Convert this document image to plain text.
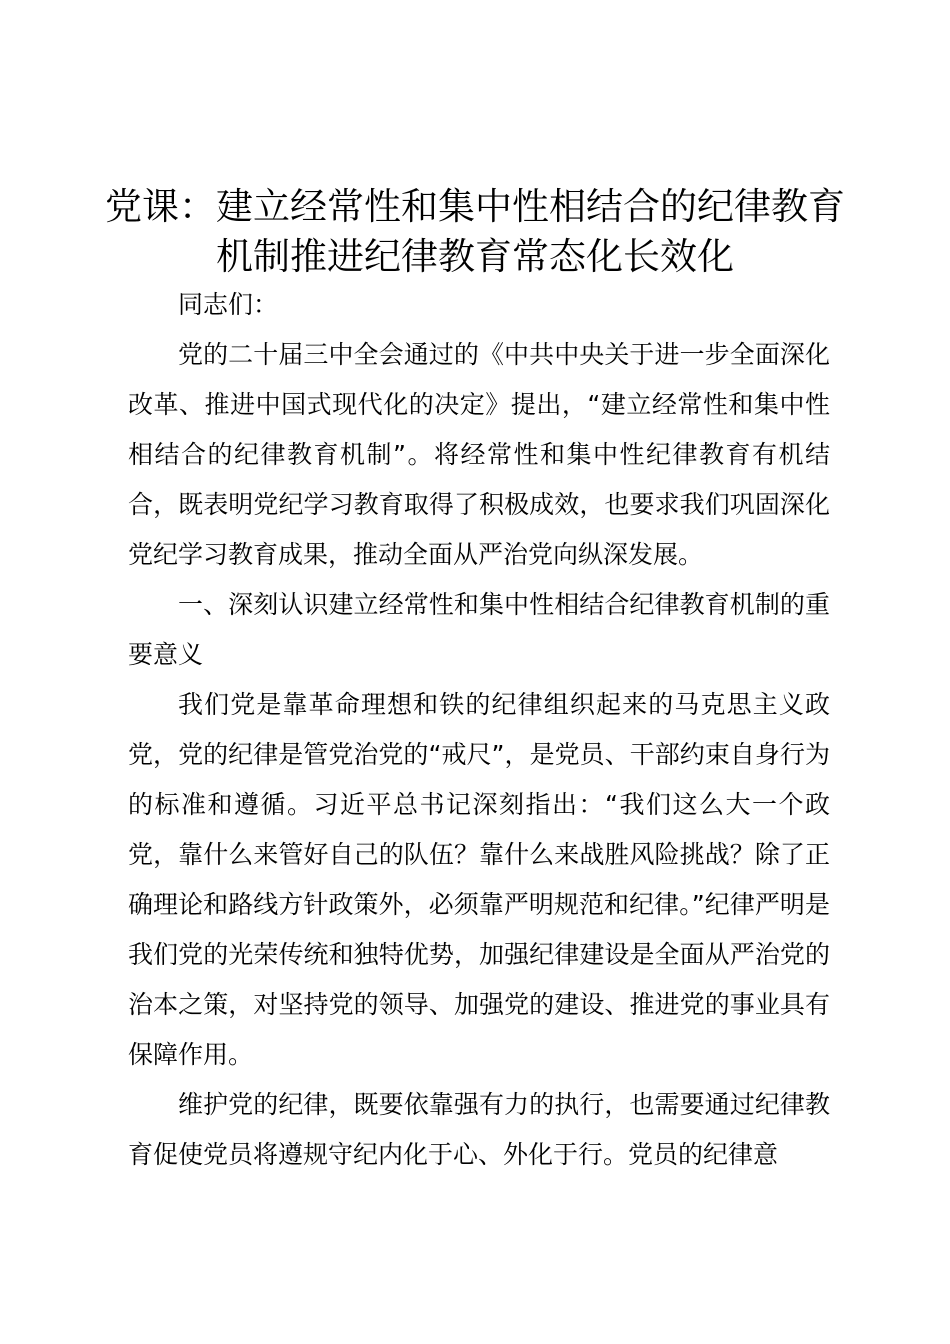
党课：建立经常性和集中性相结合的纪律教育
机制推进纪律教育常态化长效化

同志们：

党的二十届三中全会通过的《中共中央关于进一步全面深化改革、推进中国式现代化的决定》提出，“建立经常性和集中性相结合的纪律教育机制”。将经常性和集中性纪律教育有机结合，既表明党纪学习教育取得了积极成效，也要求我们巩固深化党纪学习教育成果，推动全面从严治党向纵深发展。

一、深刻认识建立经常性和集中性相结合纪律教育机制的重要意义

我们党是靠革命理想和铁的纪律组织起来的马克思主义政党，党的纪律是管党治党的“戒尺”，是党员、干部约束自身行为的标准和遵循。习近平总书记深刻指出：“我们这么大一个政党，靠什么来管好自己的队伍？靠什么来战胜风险挑战？除了正确理论和路线方针政策外，必须靠严明规范和纪律。”纪律严明是我们党的光荣传统和独特优势，加强纪律建设是全面从严治党的治本之策，对坚持党的领导、加强党的建设、推进党的事业具有保障作用。

维护党的纪律，既要依靠强有力的执行，也需要通过纪律教育促使党员将遵规守纪内化于心、外化于行。党员的纪律意
